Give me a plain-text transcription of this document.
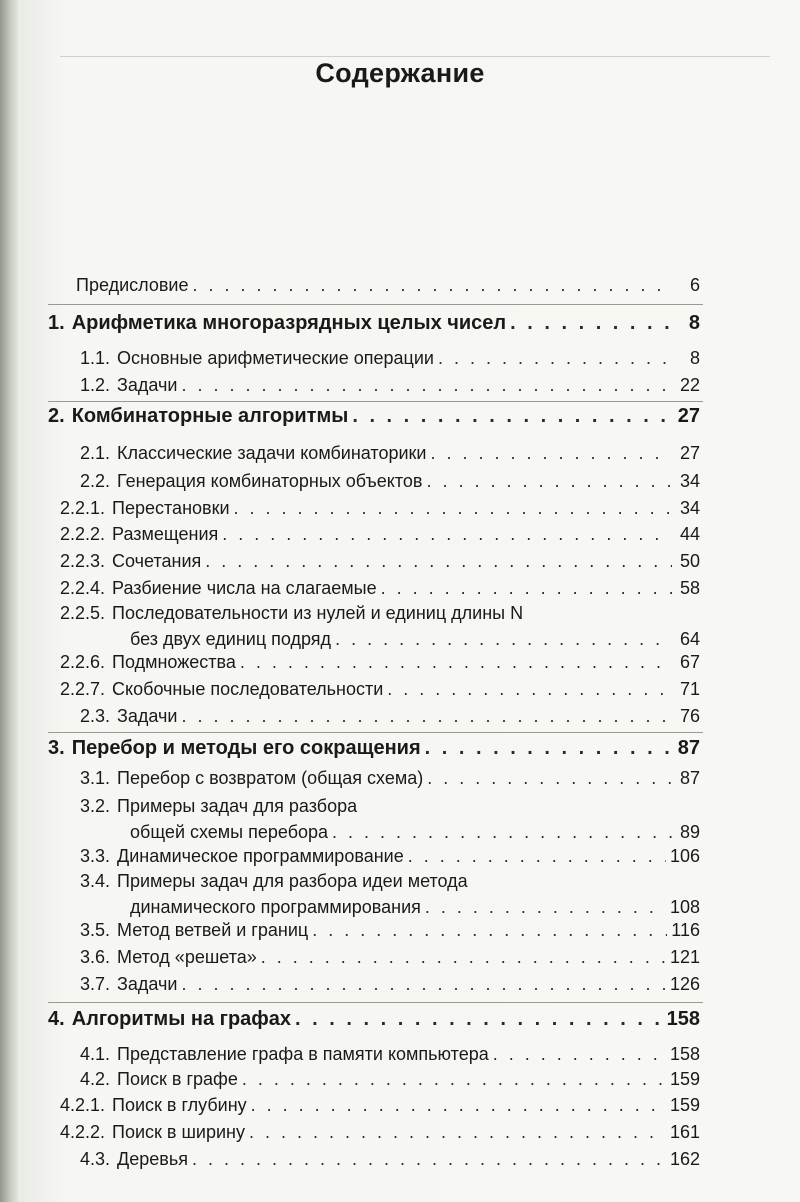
Содержание
Предисловие . . .	6
1. Арифметика многоразрядных целых чисел . . .	8
1.1. Основные арифметические операции . . .	8
1.2. Задачи . . .	22
2. Комбинаторные алгоритмы . . .	27
2.1. Классические задачи комбинаторики . . .	27
2.2. Генерация комбинаторных объектов . . .	34
2.2.1. Перестановки . . .	34
2.2.2. Размещения . . .	44
2.2.3. Сочетания . . .	50
2.2.4. Разбиение числа на слагаемые . . .	58
2.2.5. Последовательности из нулей и единиц длины N
без двух единиц подряд . . .	64
2.2.6. Подмножества . . .	67
2.2.7. Скобочные последовательности . . .	71
2.3. Задачи . . .	76
3. Перебор и методы его сокращения . . .	87
3.1. Перебор с возвратом (общая схема) . . .	87
3.2. Примеры задач для разбора
общей схемы перебора . . .	89
3.3. Динамическое программирование . . .	106
3.4. Примеры задач для разбора идеи метода
динамического программирования . . .	108
3.5. Метод ветвей и границ . . .	116
3.6. Метод «решета» . . .	121
3.7. Задачи . . .	126
4. Алгоритмы на графах . . .	158
4.1. Представление графа в памяти компьютера . . .	158
4.2. Поиск в графе . . .	159
4.2.1. Поиск в глубину . . .	159
4.2.2. Поиск в ширину . . .	161
4.3. Деревья . . .	162
